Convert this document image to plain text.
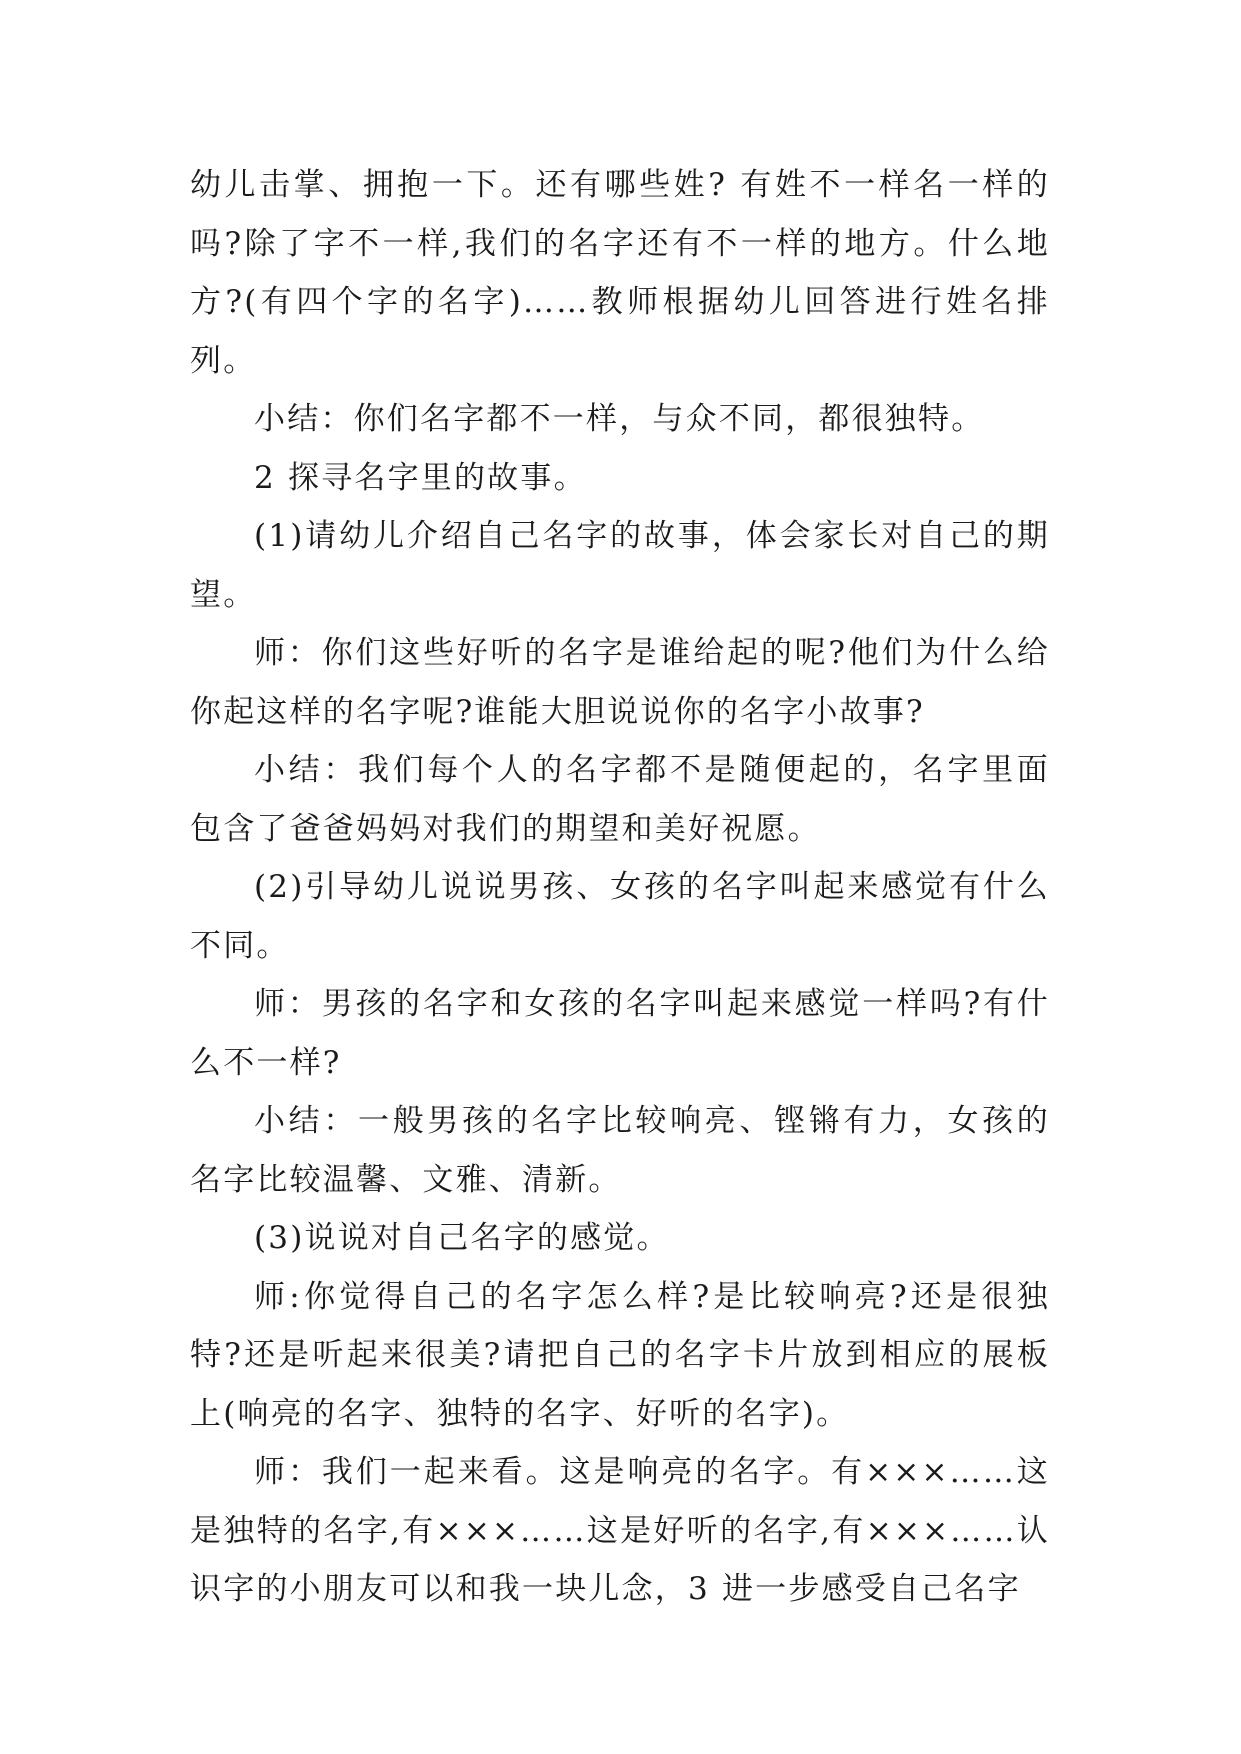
幼儿击掌、拥抱一下。还有哪些姓? 有姓不一样名一样的吗?除了字不一样,我们的名字还有不一样的地方。什么地方?(有四个字的名字)……教师根据幼儿回答进行姓名排列。

小结：你们名字都不一样，与众不同，都很独特。

2 探寻名字里的故事。

(1)请幼儿介绍自己名字的故事，体会家长对自己的期望。

师：你们这些好听的名字是谁给起的呢?他们为什么给你起这样的名字呢?谁能大胆说说你的名字小故事?

小结：我们每个人的名字都不是随便起的，名字里面包含了爸爸妈妈对我们的期望和美好祝愿。

(2)引导幼儿说说男孩、女孩的名字叫起来感觉有什么不同。

师：男孩的名字和女孩的名字叫起来感觉一样吗?有什么不一样?

小结：一般男孩的名字比较响亮、铿锵有力，女孩的名字比较温馨、文雅、清新。

(3)说说对自己名字的感觉。

师:你觉得自己的名字怎么样?是比较响亮?还是很独特?还是听起来很美?请把自己的名字卡片放到相应的展板上(响亮的名字、独特的名字、好听的名字)。

师：我们一起来看。这是响亮的名字。有×××……这是独特的名字,有×××……这是好听的名字,有×××……认识字的小朋友可以和我一块儿念，3 进一步感受自己名字
